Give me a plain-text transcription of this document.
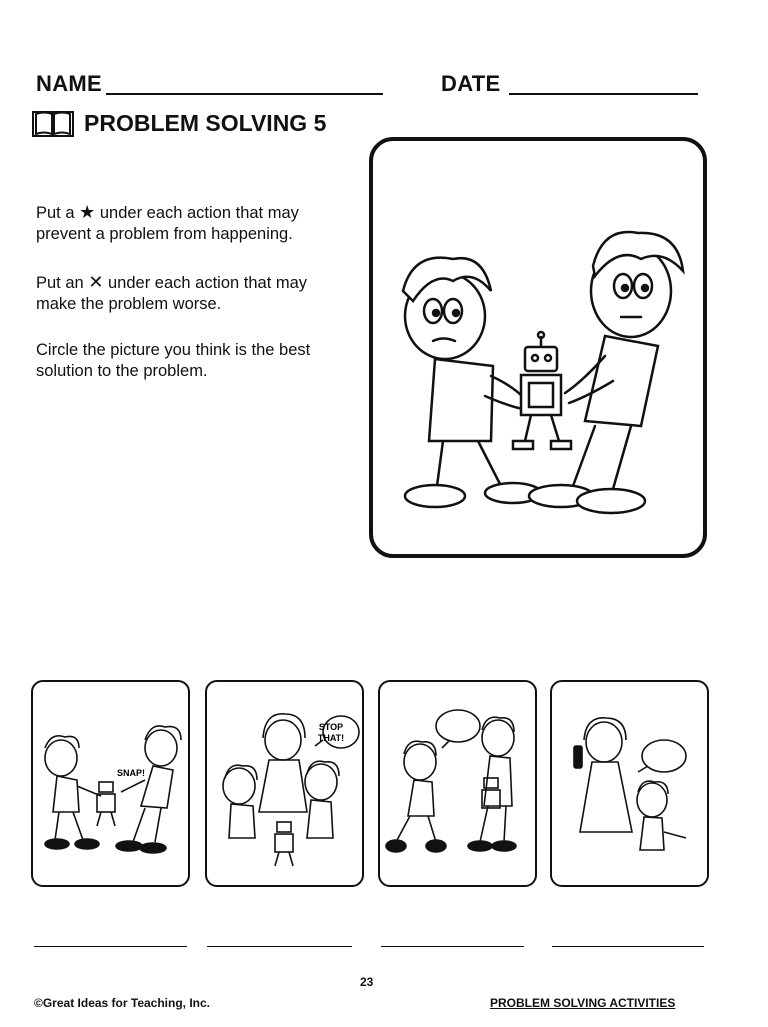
NAME	DATE
PROBLEM SOLVING 5
Put a ★ under each action that may
prevent a problem from happening.
Put an ✕ under each action that may
make the problem worse.
Circle the picture you think is the best
solution to the problem.
SNAP!
STOP
THAT!
23
©Great Ideas for Teaching, Inc.	PROBLEM SOLVING ACTIVITIES
